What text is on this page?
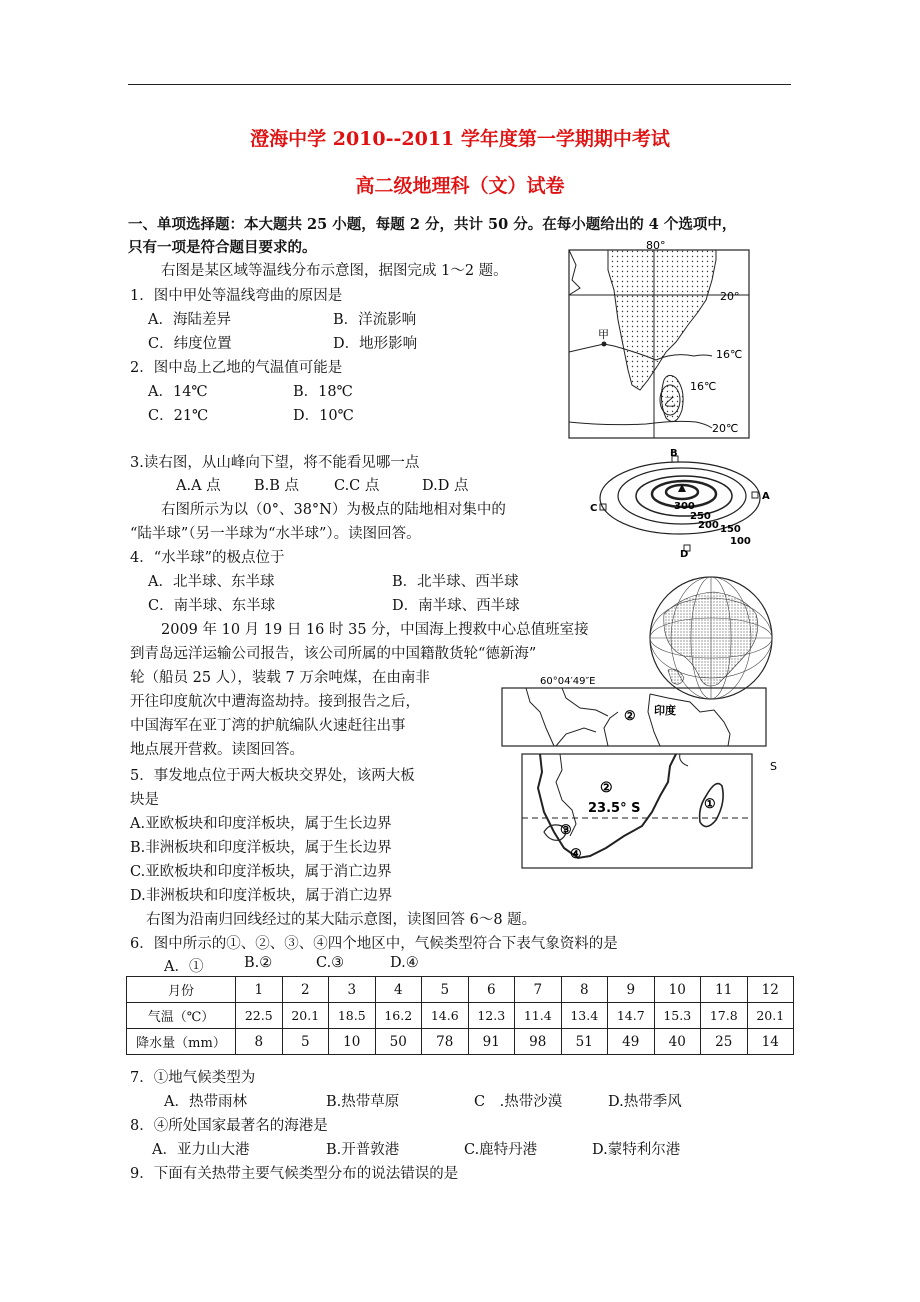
澄海中学 2010--2011 学年度第一学期期中考试
高二级地理科（文）试卷
一、单项选择题：本大题共 25 小题，每题 2 分，共计 50 分。在每小题给出的 4 个选项中，
只有一项是符合题目要求的。
右图是某区域等温线分布示意图，据图完成 1～2 题。
1．图中甲处等温线弯曲的原因是
A．海陆差异	B．洋流影响
C．纬度位置	D．地形影响
2．图中岛上乙地的气温值可能是
A．14℃	B．18℃
C．21℃	D．10℃
80°
20°
16℃
16℃
20℃
甲
乙
3.读右图，从山峰向下望，将不能看见哪一点
A.A 点 B.B 点 C.C 点	D.D 点
B
A
C
D
300
250
200 150
100
右图所示为以（0°、38°N）为极点的陆地相对集中的
“陆半球”（另一半球为“水半球”）。读图回答。
4．“水半球”的极点位于
A．北半球、东半球	B．北半球、西半球
C．南半球、东半球	D．南半球、西半球
2009 年 10 月 19 日 16 时 35 分，中国海上搜救中心总值班室接
到青岛远洋运输公司报告，该公司所属的中国籍散货轮“德新海”
轮（船员 25 人），装载 7 万余吨煤，在由南非
开往印度航次中遭海盗劫持。接到报告之后，
中国海军在亚丁湾的护航编队火速赶往出事
地点展开营救。读图回答。
60°04′49″E
② 印度
5．事发地点位于两大板块交界处，该两大板
块是
A.亚欧板块和印度洋板块，属于生长边界
B.非洲板块和印度洋板块，属于生长边界
C.亚欧板块和印度洋板块，属于消亡边界
D.非洲板块和印度洋板块，属于消亡边界
②
23.5° S	①
③
④
S
右图为沿南归回线经过的某大陆示意图，读图回答 6～8 题。
6．图中所示的①、②、③、④四个地区中，气候类型符合下表气象资料的是
A．①	B.②	C.③	D.④
月份	1	2	3	4	5	6	7	8	9	10	11	12
气温（℃）	22.5	20.1	18.5	16.2	14.6	12.3	11.4	13.4	14.7	15.3	17.8	20.1
降水量（mm）	8	5	10	50	78	91	98	51	49	40	25	14
7．①地气候类型为
A．热带雨林	B.热带草原	C　.热带沙漠	D.热带季风
8．④所处国家最著名的海港是
A．亚力山大港	B.开普敦港	C.鹿特丹港	D.蒙特利尔港
9．下面有关热带主要气候类型分布的说法错误的是
